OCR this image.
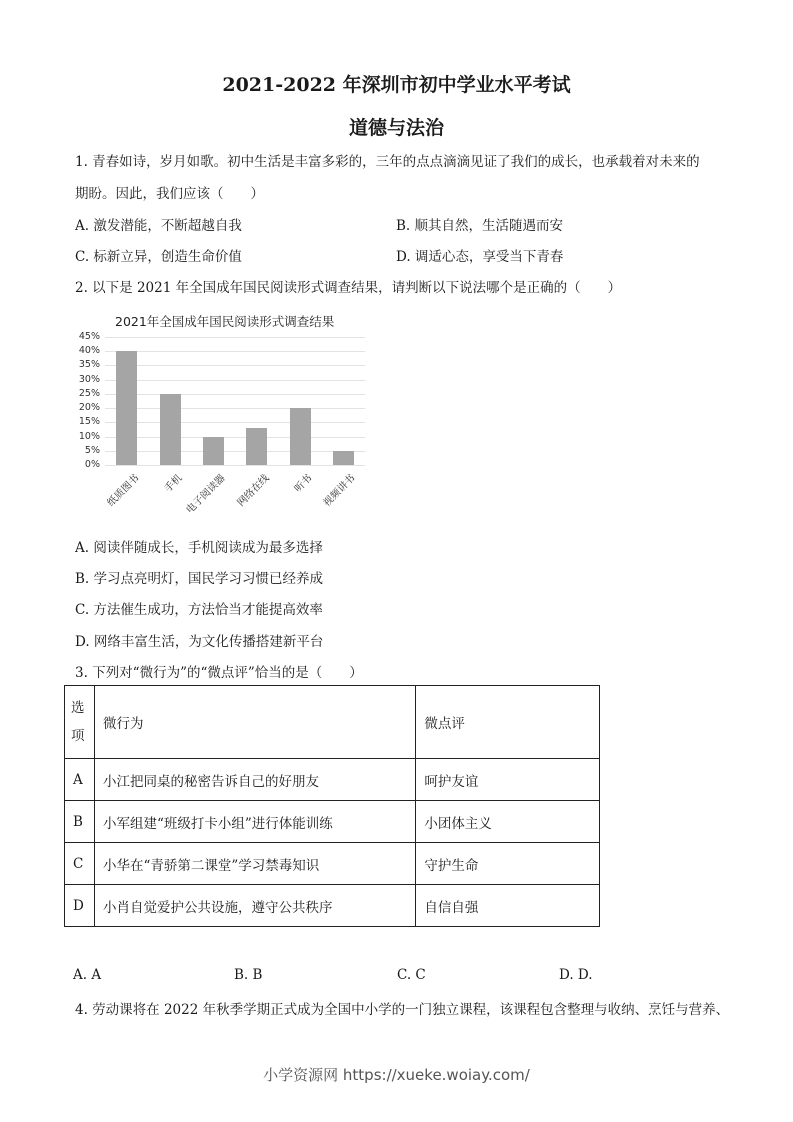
2021-2022 年深圳市初中学业水平考试
道德与法治
1. 青春如诗，岁月如歌。初中生活是丰富多彩的，三年的点点滴滴见证了我们的成长，也承载着对未来的
期盼。因此，我们应该（　　）
A. 激发潜能，不断超越自我	B. 顺其自然，生活随遇而安
C. 标新立异，创造生命价值	D. 调适心态，享受当下青春
2. 以下是 2021 年全国成年国民阅读形式调查结果，请判断以下说法哪个是正确的（　　）
2021年全国成年国民阅读形式调查结果
45%
40%
35%
30%
25%
20%
15%
10%
5%
0%
纸质图书 手机 电子阅读器 网络在线 听书 视频讲书
A. 阅读伴随成长，手机阅读成为最多选择
B. 学习点亮明灯，国民学习习惯已经养成
C. 方法催生成功，方法恰当才能提高效率
D. 网络丰富生活，为文化传播搭建新平台
3. 下列对“微行为”的“微点评”恰当的是（　　）
选项	微行为	微点评
A	小江把同桌的秘密告诉自己的好朋友	呵护友谊
B	小军组建“班级打卡小组”进行体能训练	小团体主义
C	小华在“青骄第二课堂”学习禁毒知识	守护生命
D	小肖自觉爱护公共设施，遵守公共秩序	自信自强
A. A	B. B	C. C	D. D.
4. 劳动课将在 2022 年秋季学期正式成为全国中小学的一门独立课程，该课程包含整理与收纳、烹饪与营养、
小学资源网 https://xueke.woiay.com/
